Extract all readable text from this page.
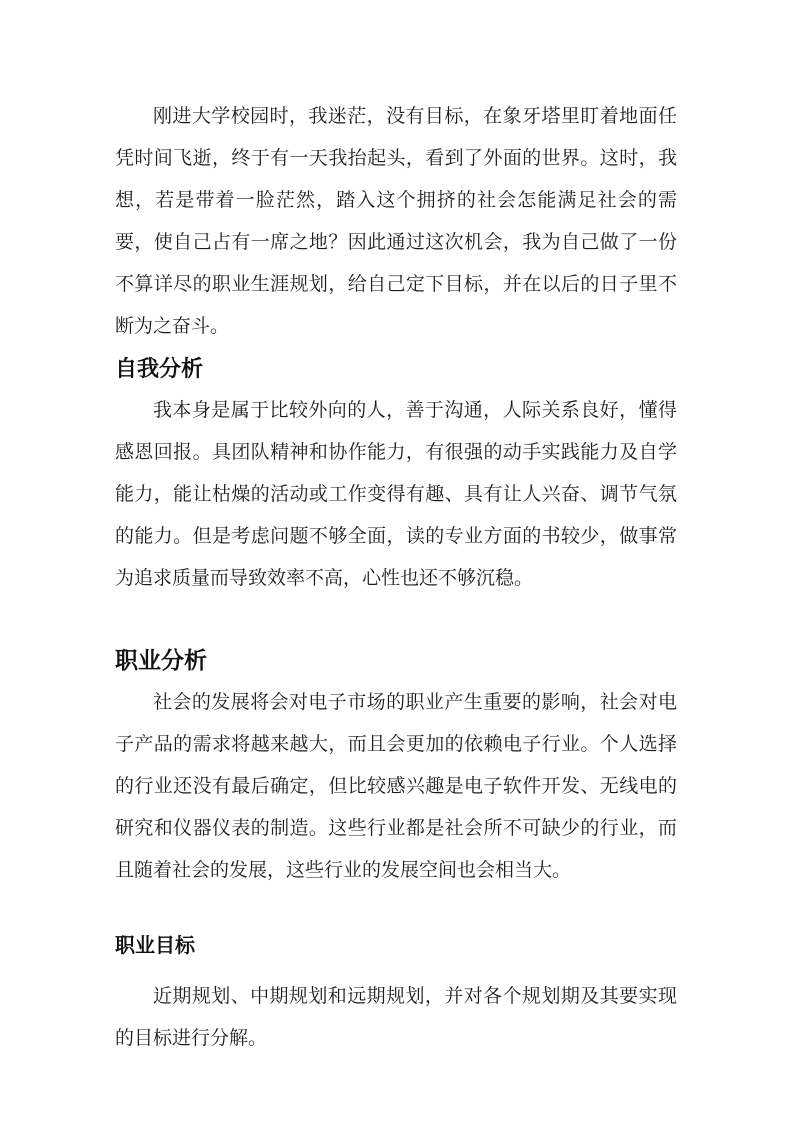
刚进大学校园时，我迷茫，没有目标，在象牙塔里盯着地面任凭时间飞逝，终于有一天我抬起头，看到了外面的世界。这时，我想，若是带着一脸茫然，踏入这个拥挤的社会怎能满足社会的需要，使自己占有一席之地？因此通过这次机会，我为自己做了一份不算详尽的职业生涯规划，给自己定下目标，并在以后的日子里不断为之奋斗。

自我分析

我本身是属于比较外向的人，善于沟通，人际关系良好，懂得感恩回报。具团队精神和协作能力，有很强的动手实践能力及自学能力，能让枯燥的活动或工作变得有趣、具有让人兴奋、调节气氛的能力。但是考虑问题不够全面，读的专业方面的书较少，做事常为追求质量而导致效率不高，心性也还不够沉稳。

职业分析

社会的发展将会对电子市场的职业产生重要的影响，社会对电子产品的需求将越来越大，而且会更加的依赖电子行业。个人选择的行业还没有最后确定，但比较感兴趣是电子软件开发、无线电的研究和仪器仪表的制造。这些行业都是社会所不可缺少的行业，而且随着社会的发展，这些行业的发展空间也会相当大。

职业目标

近期规划、中期规划和远期规划，并对各个规划期及其要实现的目标进行分解。
